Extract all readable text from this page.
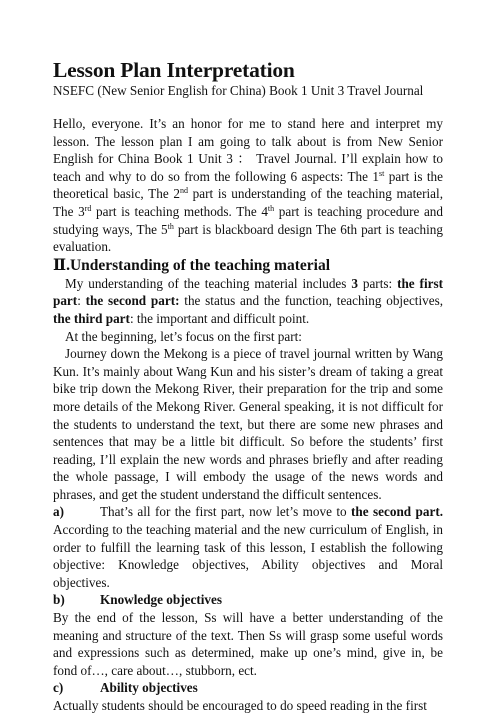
Lesson Plan Interpretation
NSEFC (New Senior English for China) Book 1 Unit 3 Travel Journal

Hello, everyone. It’s an honor for me to stand here and interpret my lesson. The lesson plan I am going to talk about is from New Senior English for China Book 1 Unit 3 ： Travel Journal. I’ll explain how to teach and why to do so from the following 6 aspects: The 1st part is the theoretical basic, The 2nd part is understanding of the teaching material, The 3rd part is teaching methods. The 4th part is teaching procedure and studying ways, The 5th part is blackboard design The 6th part is teaching evaluation.

Ⅱ.Understanding of the teaching material

My understanding of the teaching material includes 3 parts: the first part: the second part: the status and the function, teaching objectives, the third part: the important and difficult point.

At the beginning, let’s focus on the first part:

Journey down the Mekong is a piece of travel journal written by Wang Kun. It’s mainly about Wang Kun and his sister’s dream of taking a great bike trip down the Mekong River, their preparation for the trip and some more details of the Mekong River. General speaking, it is not difficult for the students to understand the text, but there are some new phrases and sentences that may be a little bit difficult. So before the students’ first reading, I’ll explain the new words and phrases briefly and after reading the whole passage, I will embody the usage of the news words and phrases, and get the student understand the difficult sentences.

a)	That’s all for the first part, now let’s move to the second part. According to the teaching material and the new curriculum of English, in order to fulfill the learning task of this lesson, I establish the following objective: Knowledge objectives, Ability objectives and Moral objectives.

b)	Knowledge objectives

By the end of the lesson, Ss will have a better understanding of the meaning and structure of the text. Then Ss will grasp some useful words and expressions such as determined, make up one’s mind, give in, be fond of…, care about…, stubborn, ect.

c)	Ability objectives

Actually students should be encouraged to do speed reading in the first
